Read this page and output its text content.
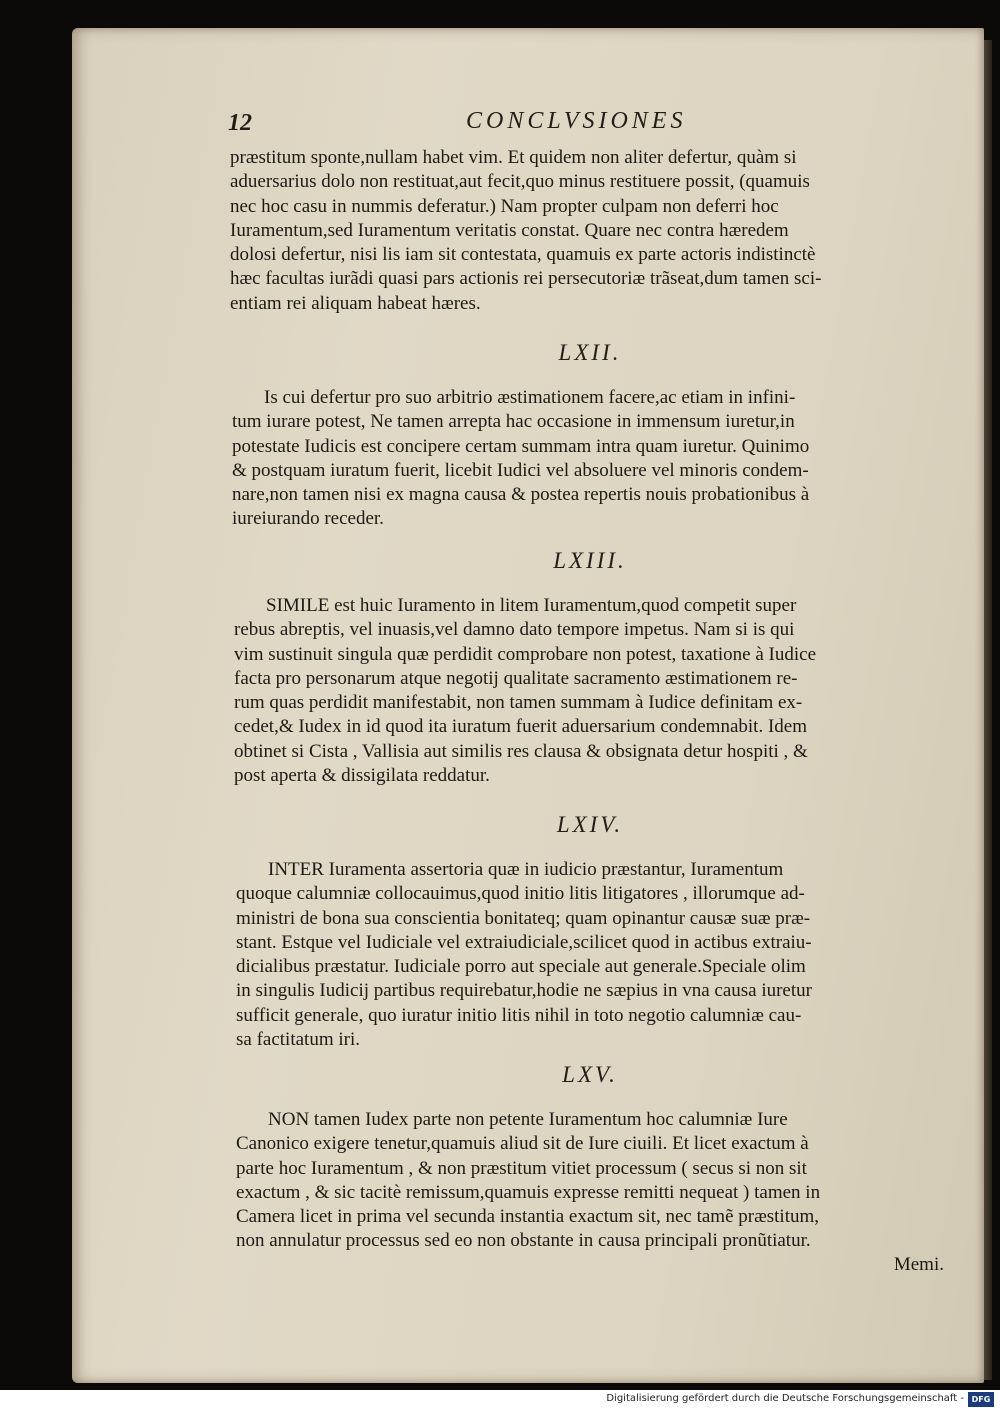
12	CONCLVSIONES
præstitum sponte,nullam habet vim. Et quidem non aliter defertur, quàm si
aduersarius dolo non restituat,aut fecit,quo minus restituere possit, (quamuis
nec hoc casu in nummis deferatur.) Nam propter culpam non deferri hoc
Iuramentum,sed Iuramentum veritatis constat. Quare nec contra hæredem
dolosi defertur, nisi lis iam sit contestata, quamuis ex parte actoris indistinctè
hæc facultas iurãdi quasi pars actionis rei persecutoriæ trãseat,dum tamen sci-
entiam rei aliquam habeat hæres.
LXII.
Is cui defertur pro suo arbitrio æstimationem facere,ac etiam in infini-
tum iurare potest, Ne tamen arrepta hac occasione in immensum iuretur,in
potestate Iudicis est concipere certam summam intra quam iuretur. Quinimo
& postquam iuratum fuerit, licebit Iudici vel absoluere vel minoris condem-
nare,non tamen nisi ex magna causa & postea repertis nouis probationibus à
iureiurando receder.
LXIII.
SIMILE est huic Iuramento in litem Iuramentum,quod competit super
rebus abreptis, vel inuasis,vel damno dato tempore impetus. Nam si is qui
vim sustinuit singula quæ perdidit comprobare non potest, taxatione à Iudice
facta pro personarum atque negotij qualitate sacramento æstimationem re-
rum quas perdidit manifestabit, non tamen summam à Iudice definitam ex-
cedet,& Iudex in id quod ita iuratum fuerit aduersarium condemnabit. Idem
obtinet si Cista , Vallisia aut similis res clausa & obsignata detur hospiti , &
post aperta & dissigilata reddatur.
LXIV.
INTER Iuramenta assertoria quæ in iudicio præstantur, Iuramentum
quoque calumniæ collocauimus,quod initio litis litigatores , illorumque ad-
ministri de bona sua conscientia bonitateq; quam opinantur causæ suæ præ-
stant. Estque vel Iudiciale vel extraiudiciale,scilicet quod in actibus extraiu-
dicialibus præstatur. Iudiciale porro aut speciale aut generale.Speciale olim
in singulis Iudicij partibus requirebatur,hodie ne sæpius in vna causa iuretur
sufficit generale, quo iuratur initio litis nihil in toto negotio calumniæ cau-
sa factitatum iri.
LXV.
NON tamen Iudex parte non petente Iuramentum hoc calumniæ Iure
Canonico exigere tenetur,quamuis aliud sit de Iure ciuili. Et licet exactum à
parte hoc Iuramentum , & non præstitum vitiet processum ( secus si non sit
exactum , & sic tacitè remissum,quamuis expresse remitti nequeat ) tamen in
Camera licet in prima vel secunda instantia exactum sit, nec tamẽ præstitum,
non annulatur processus sed eo non obstante in causa principali pronũtiatur.
Memi.
Digitalisierung gefördert durch die Deutsche Forschungsgemeinschaft - DFG
